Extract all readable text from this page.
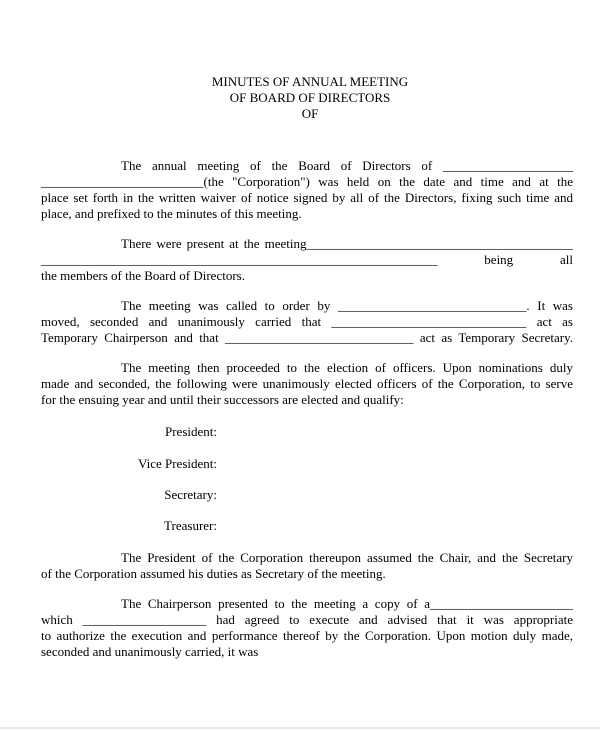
MINUTES OF ANNUAL MEETING
OF BOARD OF DIRECTORS
OF
The annual meeting of the Board of Directors of ____________________
_________________________(the "Corporation") was held on the date and time and at the
place set forth in the written waiver of notice signed by all of the Directors, fixing such time and
place, and prefixed to the minutes of this meeting.
There were present at the meeting_________________________________________
_____________________________________________________________ being all
the members of the Board of Directors.
The meeting was called to order by _____________________________. It was
moved, seconded and unanimously carried that ______________________________ act as
Temporary Chairperson and that _____________________________ act as Temporary Secretary.
The meeting then proceeded to the election of officers. Upon nominations duly
made and seconded, the following were unanimously elected officers of the Corporation, to serve
for the ensuing year and until their successors are elected and qualify:
President:
Vice President:
Secretary:
Treasurer:
The President of the Corporation thereupon assumed the Chair, and the Secretary
of the Corporation assumed his duties as Secretary of the meeting.
The Chairperson presented to the meeting a copy of a______________________
which ___________________ had agreed to execute and advised that it was appropriate
to authorize the execution and performance thereof by the Corporation. Upon motion duly made,
seconded and unanimously carried, it was
